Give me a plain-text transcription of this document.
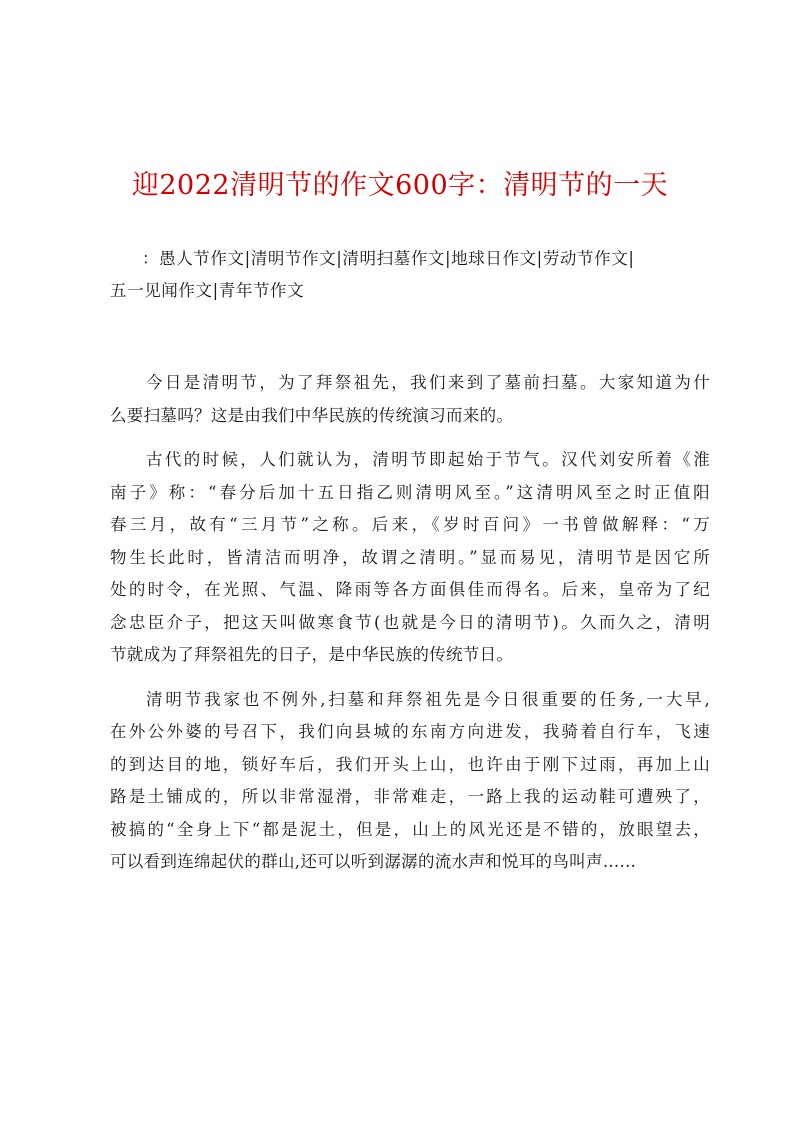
迎2022清明节的作文600字：清明节的一天
：愚人节作文|清明节作文|清明扫墓作文|地球日作文|劳动节作文|
五一见闻作文|青年节作文
今日是清明节，为了拜祭祖先，我们来到了墓前扫墓。大家知道为什
么要扫墓吗？这是由我们中华民族的传统演习而来的。
古代的时候，人们就认为，清明节即起始于节气。汉代刘安所着《淮
南子》称：“春分后加十五日指乙则清明风至。”这清明风至之时正值阳
春三月，故有“三月节”之称。后来，《岁时百问》一书曾做解释：“万
物生长此时，皆清洁而明净，故谓之清明。”显而易见，清明节是因它所
处的时令，在光照、气温、降雨等各方面俱佳而得名。后来，皇帝为了纪
念忠臣介子，把这天叫做寒食节(也就是今日的清明节)。久而久之，清明
节就成为了拜祭祖先的日子，是中华民族的传统节日。
清明节我家也不例外,扫墓和拜祭祖先是今日很重要的任务,一大早,
在外公外婆的号召下，我们向县城的东南方向进发，我骑着自行车，飞速
的到达目的地，锁好车后，我们开头上山，也许由于刚下过雨，再加上山
路是土铺成的，所以非常湿滑，非常难走，一路上我的运动鞋可遭殃了，
被搞的“全身上下“都是泥土，但是，山上的风光还是不错的，放眼望去，
可以看到连绵起伏的群山,还可以听到潺潺的流水声和悦耳的鸟叫声……
